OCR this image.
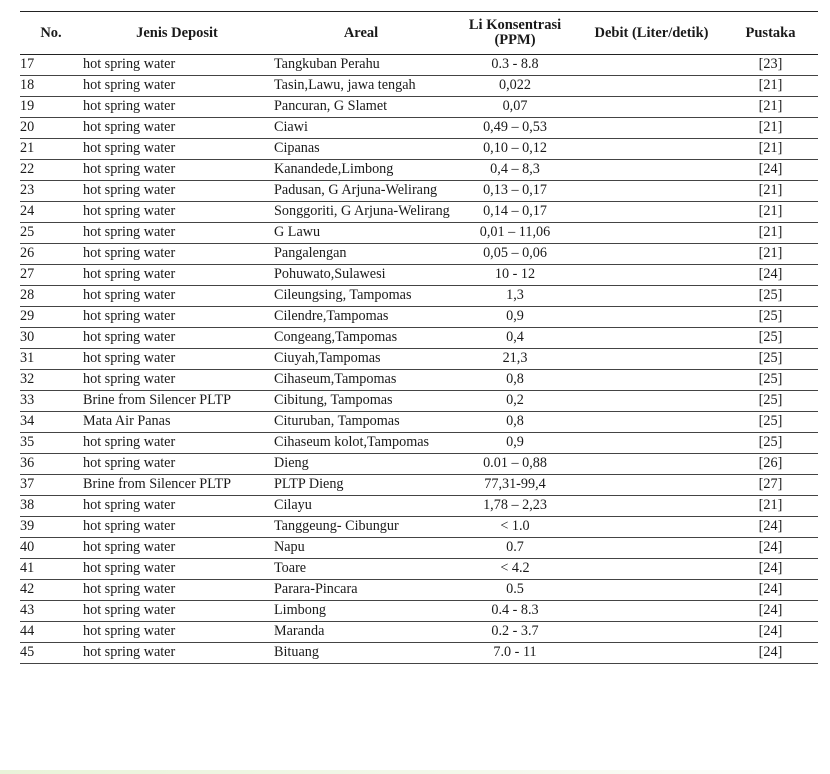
No.	Jenis Deposit	Areal	Li Konsentrasi (PPM)	Debit (Liter/detik)	Pustaka
17	hot spring water	Tangkuban Perahu	0.3 - 8.8		[23]
18	hot spring water	Tasin,Lawu, jawa tengah	0,022		[21]
19	hot spring water	Pancuran, G Slamet	0,07		[21]
20	hot spring water	Ciawi	0,49 – 0,53		[21]
21	hot spring water	Cipanas	0,10 – 0,12		[21]
22	hot spring water	Kanandede,Limbong	0,4 – 8,3		[24]
23	hot spring water	Padusan, G Arjuna-Welirang	0,13 – 0,17		[21]
24	hot spring water	Songgoriti, G Arjuna-Welirang	0,14 – 0,17		[21]
25	hot spring water	G Lawu	0,01 – 11,06		[21]
26	hot spring water	Pangalengan	0,05 – 0,06		[21]
27	hot spring water	Pohuwato,Sulawesi	10 - 12		[24]
28	hot spring water	Cileungsing, Tampomas	1,3		[25]
29	hot spring water	Cilendre,Tampomas	0,9		[25]
30	hot spring water	Congeang,Tampomas	0,4		[25]
31	hot spring water	Ciuyah,Tampomas	21,3		[25]
32	hot spring water	Cihaseum,Tampomas	0,8		[25]
33	Brine from Silencer PLTP	Cibitung, Tampomas	0,2		[25]
34	Mata Air Panas	Cituruban, Tampomas	0,8		[25]
35	hot spring water	Cihaseum kolot,Tampomas	0,9		[25]
36	hot spring water	Dieng	0.01 – 0,88		[26]
37	Brine from Silencer PLTP	PLTP Dieng	77,31-99,4		[27]
38	hot spring water	Cilayu	1,78 – 2,23		[21]
39	hot spring water	Tanggeung- Cibungur	< 1.0		[24]
40	hot spring water	Napu	0.7		[24]
41	hot spring water	Toare	< 4.2		[24]
42	hot spring water	Parara-Pincara	0.5		[24]
43	hot spring water	Limbong	0.4 - 8.3		[24]
44	hot spring water	Maranda	0.2 - 3.7		[24]
45	hot spring water	Bituang	7.0 - 11		[24]
